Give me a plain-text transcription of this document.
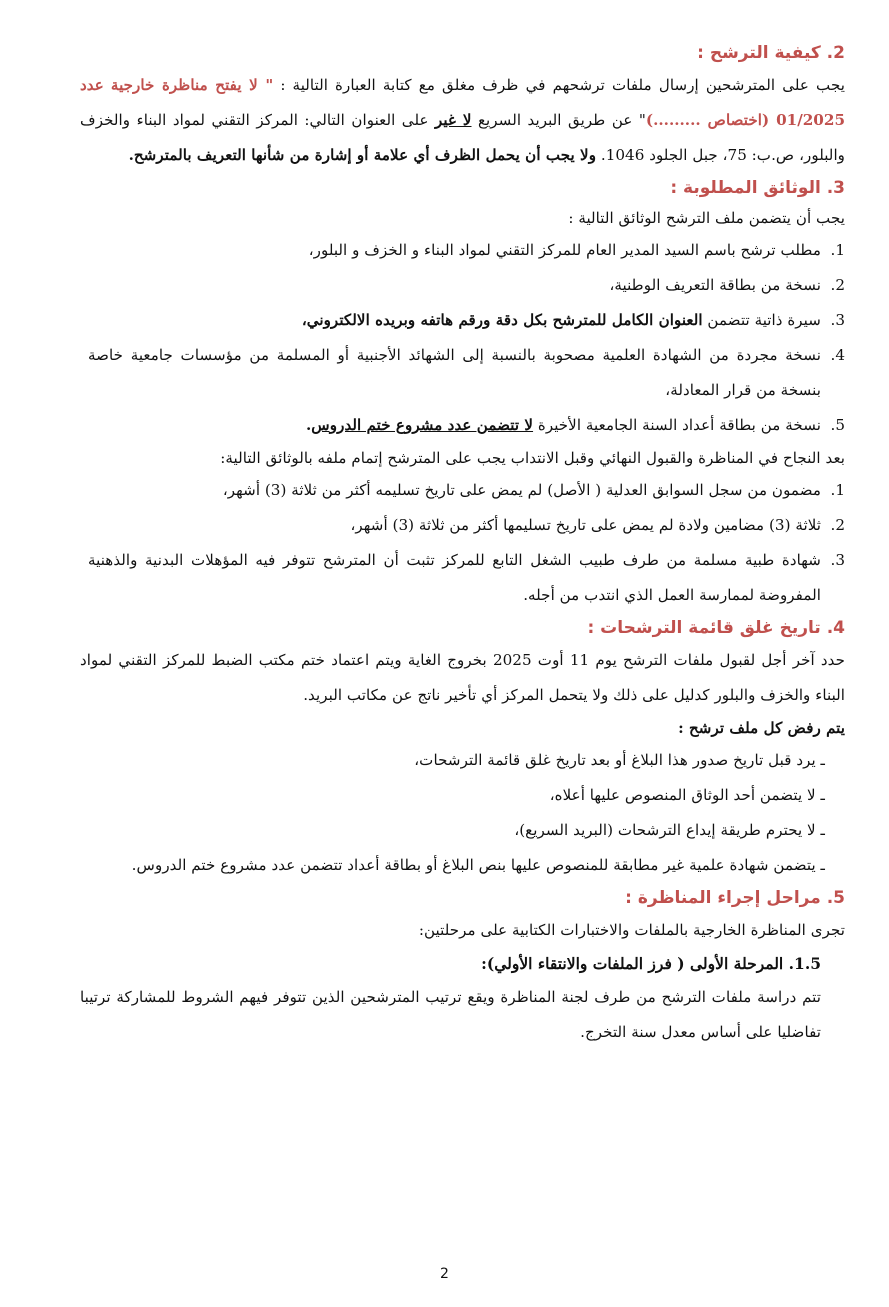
2. كيفية الترشح :

يجب على المترشحين إرسال ملفات ترشحهم في ظرف مغلق مع كتابة العبارة التالية : " لا يفتح مناظرة خارجية عدد 01/2025 (اختصاص .........)" عن طريق البريد السريع لا غير على العنوان التالي: المركز التقني لمواد البناء والخزف والبلور، ص.ب: 75، جبل الجلود 1046. ولا يجب أن يحمل الظرف أي علامة أو إشارة من شأنها التعريف بالمترشح.

3. الوثائق المطلوبة :

يجب أن يتضمن ملف الترشح الوثائق التالية :

1.
مطلب ترشح باسم السيد المدير العام للمركز التقني لمواد البناء و الخزف و البلور،
2.
نسخة من بطاقة التعريف الوطنية،
3.
سيرة ذاتية تتضمن العنوان الكامل للمترشح بكل دقة ورقم هاتفه وبريده الالكتروني،
4.
نسخة مجردة من الشهادة العلمية مصحوبة بالنسبة إلى الشهائد الأجنبية أو المسلمة من مؤسسات جامعية خاصة بنسخة من قرار المعادلة،
5.
نسخة من بطاقة أعداد السنة الجامعية الأخيرة لا تتضمن عدد مشروع ختم الدروس.

بعد النجاح في المناظرة والقبول النهائي وقبل الانتداب يجب على المترشح إتمام ملفه بالوثائق التالية:

1.
مضمون من سجل السوابق العدلية ( الأصل) لم يمض على تاريخ تسليمه أكثر من ثلاثة (3) أشهر،
2.
ثلاثة (3) مضامين ولادة لم يمض على تاريخ تسليمها أكثر من ثلاثة (3) أشهر،
3.
شهادة طبية مسلمة من طرف طبيب الشغل التابع للمركز تثبت أن المترشح تتوفر فيه المؤهلات البدنية والذهنية المفروضة لممارسة العمل الذي انتدب من أجله.
4. تاريخ غلق قائمة الترشحات :

حدد آخر أجل لقبول ملفات الترشح يوم 11 أوت 2025 بخروج الغاية ويتم اعتماد ختم مكتب الضبط للمركز التقني لمواد البناء والخزف والبلور كدليل على ذلك ولا يتحمل المركز أي تأخير ناتج عن مكاتب البريد.

يتم رفض كل ملف ترشح :

ـ يرد قبل تاريخ صدور هذا البلاغ أو بعد تاريخ غلق قائمة الترشحات،
ـ لا يتضمن أحد الوثاق المنصوص عليها أعلاه،
ـ لا يحترم طريقة إيداع الترشحات (البريد السريع)،
ـ يتضمن شهادة علمية غير مطابقة للمنصوص عليها بنص البلاغ أو بطاقة أعداد تتضمن عدد مشروع ختم الدروس.
5. مراحل إجراء المناظرة :

تجرى المناظرة الخارجية بالملفات والاختبارات الكتابية على مرحلتين:

1.5. المرحلة الأولى ( فرز الملفات والانتقاء الأولي):

تتم دراسة ملفات الترشح من طرف لجنة المناظرة ويقع ترتيب المترشحين الذين تتوفر فيهم الشروط للمشاركة ترتيبا تفاضليا على أساس معدل سنة التخرج.

2
